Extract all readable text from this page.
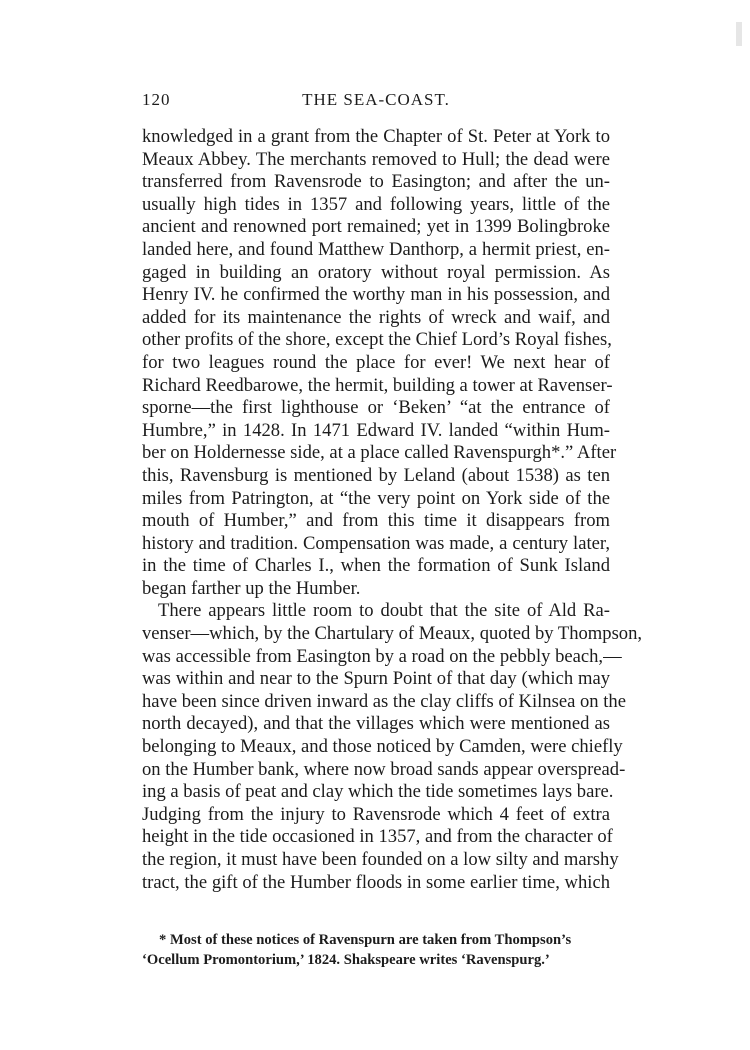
120	THE SEA-COAST.
knowledged in a grant from the Chapter of St. Peter at York to
Meaux Abbey. The merchants removed to Hull; the dead were
transferred from Ravensrode to Easington; and after the un-
usually high tides in 1357 and following years, little of the
ancient and renowned port remained; yet in 1399 Bolingbroke
landed here, and found Matthew Danthorp, a hermit priest, en-
gaged in building an oratory without royal permission. As
Henry IV. he confirmed the worthy man in his possession, and
added for its maintenance the rights of wreck and waif, and
other profits of the shore, except the Chief Lord’s Royal fishes,
for two leagues round the place for ever! We next hear of
Richard Reedbarowe, the hermit, building a tower at Ravenser-
sporne—the first lighthouse or ‘Beken’ “at the entrance of
Humbre,” in 1428. In 1471 Edward IV. landed “within Hum-
ber on Holdernesse side, at a place called Ravenspurgh*.” After
this, Ravensburg is mentioned by Leland (about 1538) as ten
miles from Patrington, at “the very point on York side of the
mouth of Humber,” and from this time it disappears from
history and tradition. Compensation was made, a century later,
in the time of Charles I., when the formation of Sunk Island
began farther up the Humber.
There appears little room to doubt that the site of Ald Ra-
venser—which, by the Chartulary of Meaux, quoted by Thompson,
was accessible from Easington by a road on the pebbly beach,—
was within and near to the Spurn Point of that day (which may
have been since driven inward as the clay cliffs of Kilnsea on the
north decayed), and that the villages which were mentioned as
belonging to Meaux, and those noticed by Camden, were chiefly
on the Humber bank, where now broad sands appear overspread-
ing a basis of peat and clay which the tide sometimes lays bare.
Judging from the injury to Ravensrode which 4 feet of extra
height in the tide occasioned in 1357, and from the character of
the region, it must have been founded on a low silty and marshy
tract, the gift of the Humber floods in some earlier time, which
* Most of these notices of Ravenspurn are taken from Thompson’s
‘Ocellum Promontorium,’ 1824. Shakspeare writes ‘Ravenspurg.’
